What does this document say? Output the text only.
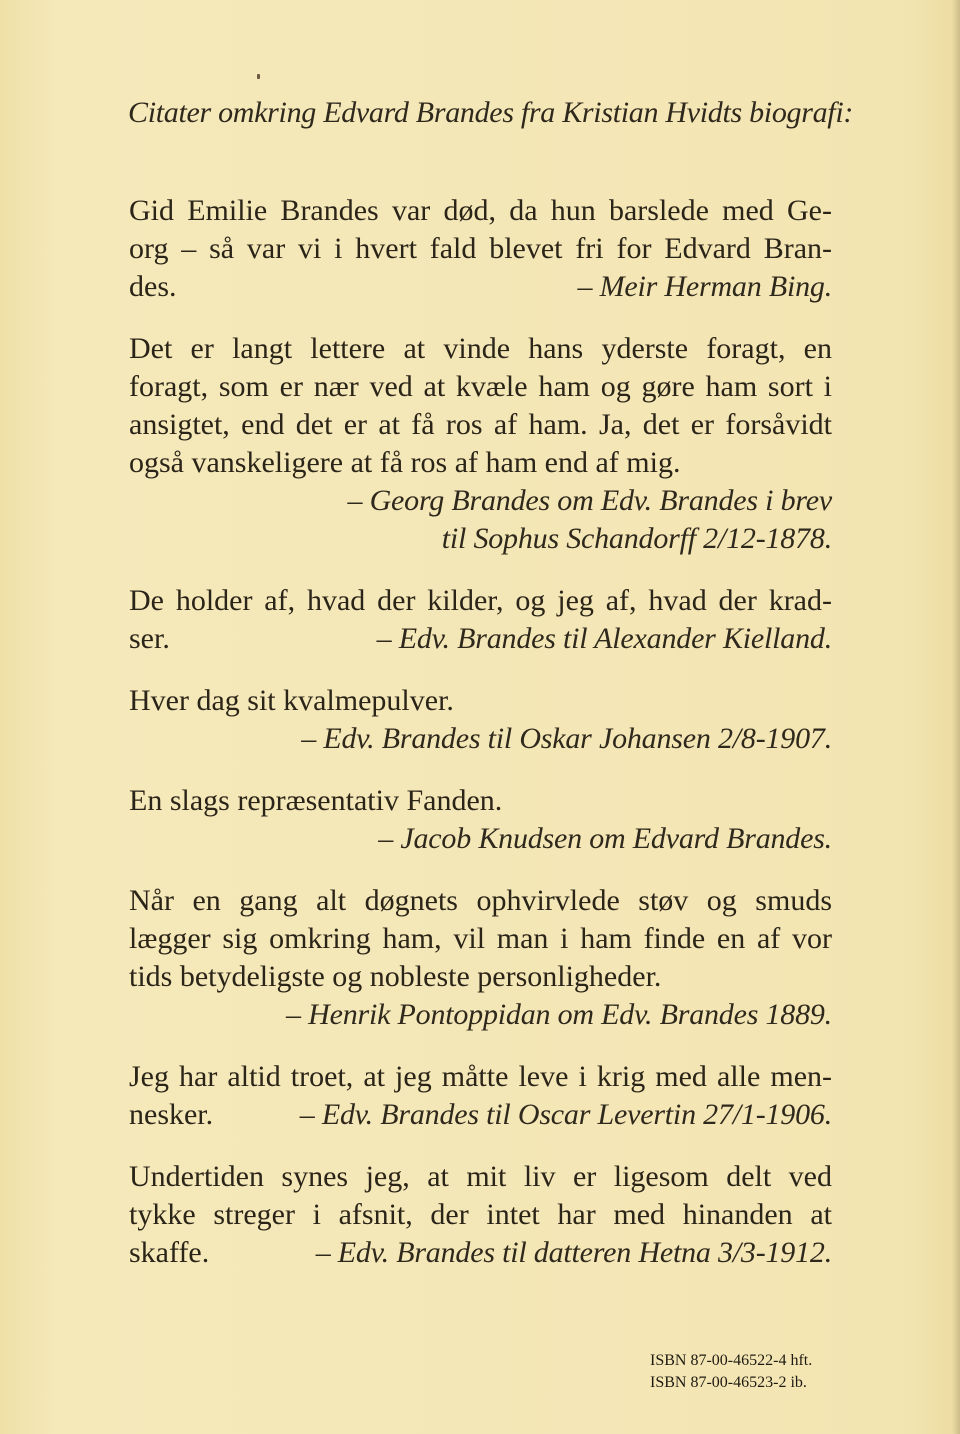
Citater omkring Edvard Brandes fra Kristian Hvidts biografi:
Gid Emilie Brandes var død, da hun barslede med Ge-
org – så var vi i hvert fald blevet fri for Edvard Bran-
des.	– Meir Herman Bing.
Det er langt lettere at vinde hans yderste foragt, en
foragt, som er nær ved at kvæle ham og gøre ham sort i
ansigtet, end det er at få ros af ham. Ja, det er forsåvidt
også vanskeligere at få ros af ham end af mig.
– Georg Brandes om Edv. Brandes i brev
til Sophus Schandorff 2/12-1878.
De holder af, hvad der kilder, og jeg af, hvad der krad-
ser.	– Edv. Brandes til Alexander Kielland.
Hver dag sit kvalmepulver.
– Edv. Brandes til Oskar Johansen 2/8-1907.
En slags repræsentativ Fanden.
– Jacob Knudsen om Edvard Brandes.
Når en gang alt døgnets ophvirvlede støv og smuds
lægger sig omkring ham, vil man i ham finde en af vor
tids betydeligste og nobleste personligheder.
– Henrik Pontoppidan om Edv. Brandes 1889.
Jeg har altid troet, at jeg måtte leve i krig med alle men-
nesker.	– Edv. Brandes til Oscar Levertin 27/1-1906.
Undertiden synes jeg, at mit liv er ligesom delt ved
tykke streger i afsnit, der intet har med hinanden at
skaffe.	– Edv. Brandes til datteren Hetna 3/3-1912.
ISBN 87-00-46522-4 hft.
ISBN 87-00-46523-2 ib.
